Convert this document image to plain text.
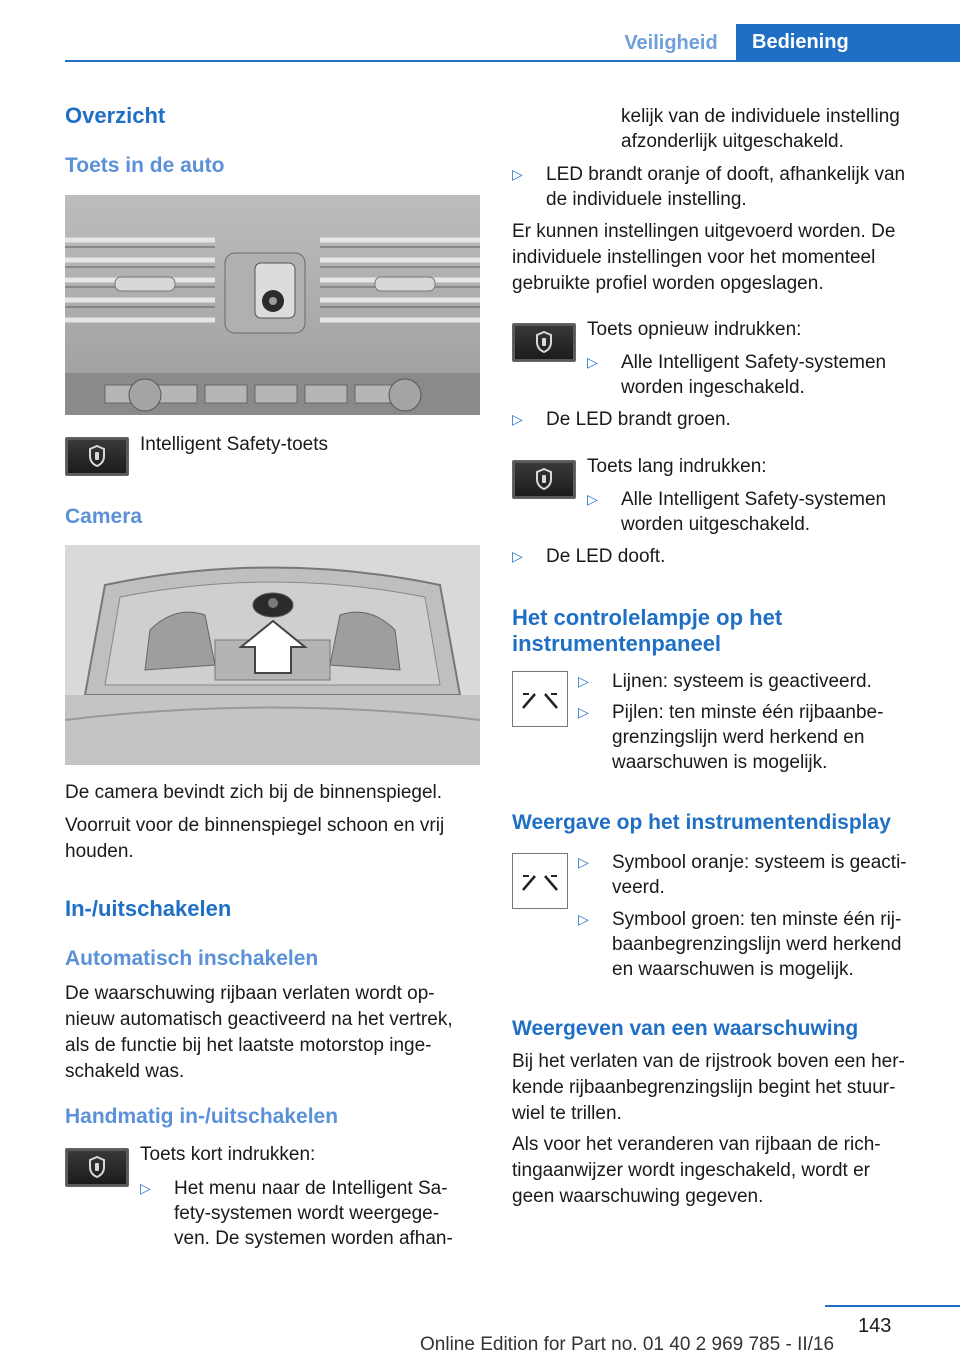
Veiligheid	Bediening
Overzicht
Toets in de auto
Intelligent Safety-toets
Camera
De camera bevindt zich bij de binnenspiegel.
Voorruit voor de binnenspiegel schoon en vrij
houden.
In-/uitschakelen
Automatisch inschakelen
De waarschuwing rijbaan verlaten wordt op-
nieuw automatisch geactiveerd na het vertrek,
als de functie bij het laatste motorstop inge-
schakeld was.
Handmatig in-/uitschakelen
Toets kort indrukken:
▷ Het menu naar de Intelligent Sa-
fety-systemen wordt weergege-
ven. De systemen worden afhan-
kelijk van de individuele instelling
afzonderlijk uitgeschakeld.
▷ LED brandt oranje of dooft, afhankelijk van
de individuele instelling.
Er kunnen instellingen uitgevoerd worden. De
individuele instellingen voor het momenteel
gebruikte profiel worden opgeslagen.
Toets opnieuw indrukken:
▷ Alle Intelligent Safety-systemen
worden ingeschakeld.
▷ De LED brandt groen.
Toets lang indrukken:
▷ Alle Intelligent Safety-systemen
worden uitgeschakeld.
▷ De LED dooft.
Het controlelampje op het
instrumentenpaneel
▷ Lijnen: systeem is geactiveerd.
▷ Pijlen: ten minste één rijbaanbe-
grenzingslijn werd herkend en
waarschuwen is mogelijk.
Weergave op het instrumentendisplay
▷ Symbool oranje: systeem is geacti-
veerd.
▷ Symbool groen: ten minste één rij-
baanbegrenzingslijn werd herkend
en waarschuwen is mogelijk.
Weergeven van een waarschuwing
Bij het verlaten van de rijstrook boven een her-
kende rijbaanbegrenzingslijn begint het stuur-
wiel te trillen.
Als voor het veranderen van rijbaan de rich-
tingaanwijzer wordt ingeschakeld, wordt er
geen waarschuwing gegeven.
143
Online Edition for Part no. 01 40 2 969 785 - II/16
